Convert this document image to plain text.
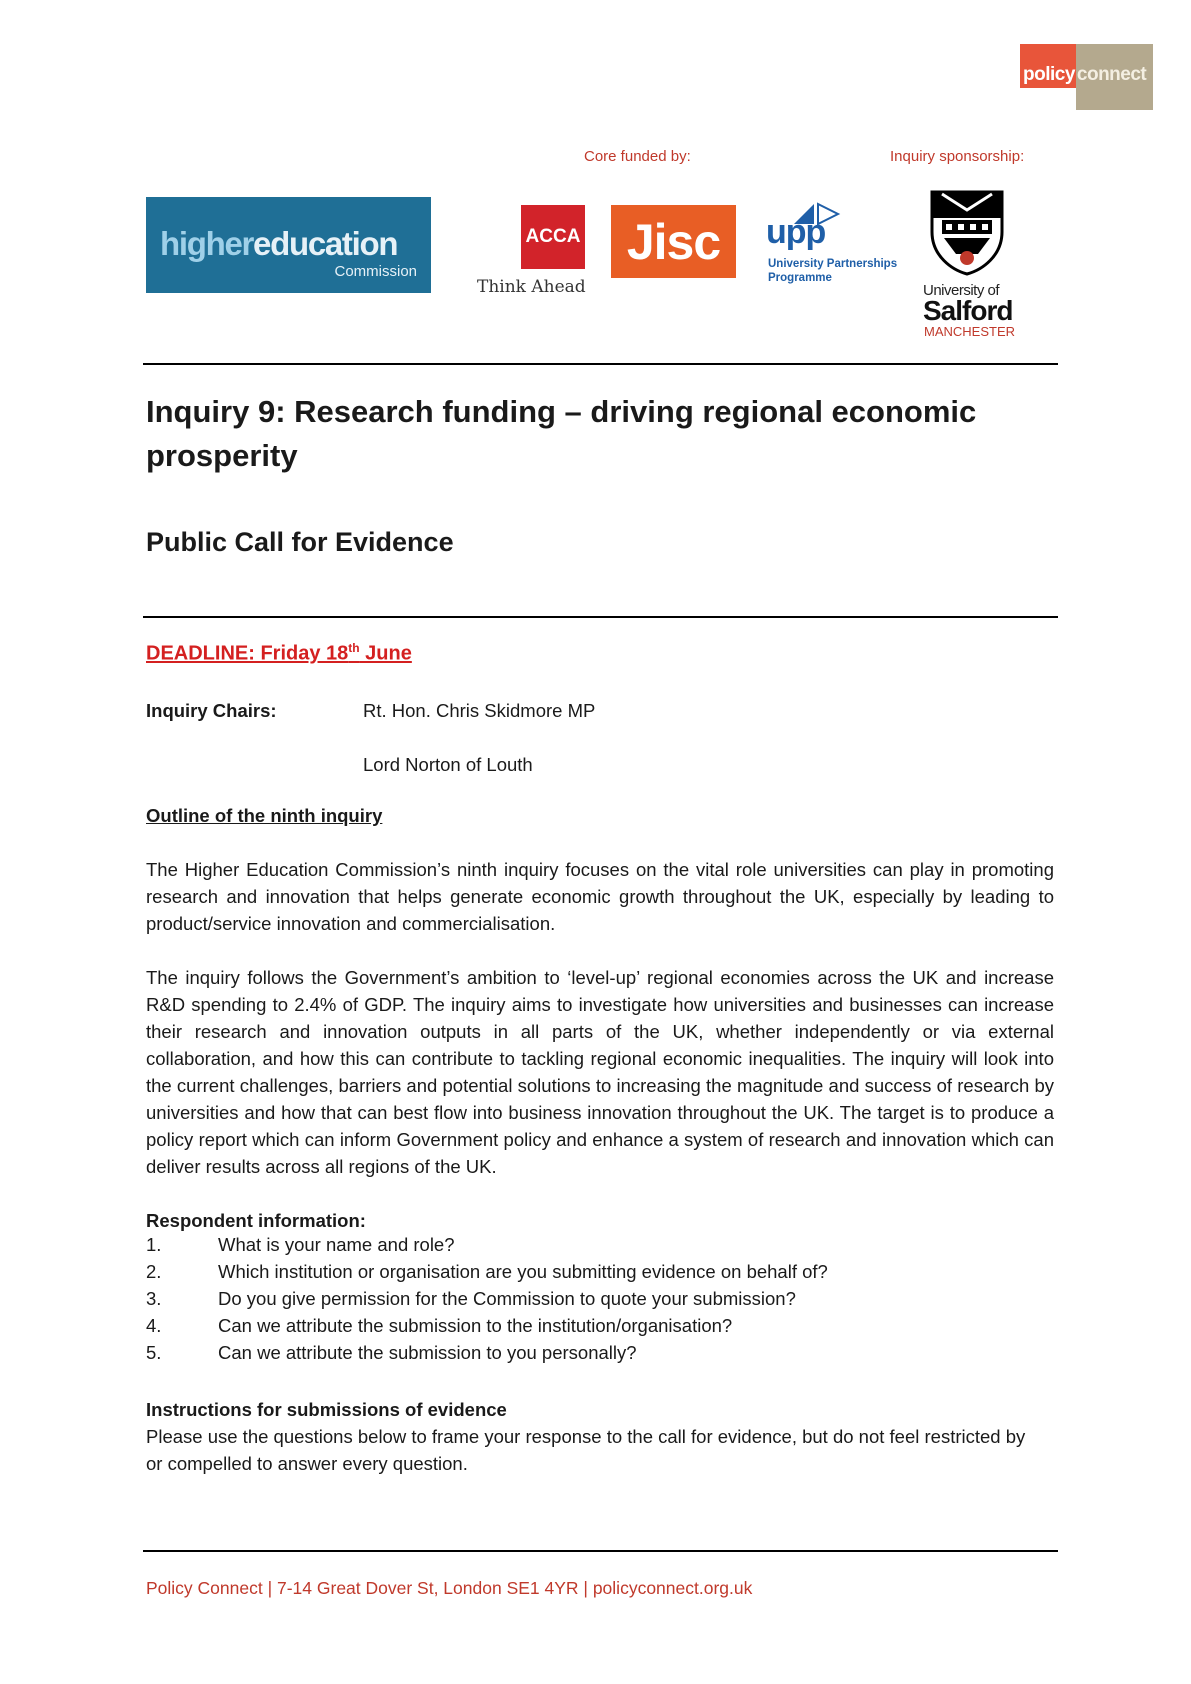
policy connect
Core funded by:	Inquiry sponsorship:
highereducation
Commission
ACCA
Think Ahead
Jisc	upp
University Partnerships
Programme
University of
Salford
MANCHESTER
Inquiry 9: Research funding – driving regional economic
prosperity
Public Call for Evidence
DEADLINE: Friday 18th June
Inquiry Chairs:	Rt. Hon. Chris Skidmore MP
Lord Norton of Louth
Outline of the ninth inquiry
The Higher Education Commission’s ninth inquiry focuses on the vital role universities can play in promoting research and innovation that helps generate economic growth throughout the UK, especially by leading to product/service innovation and commercialisation.
The inquiry follows the Government’s ambition to ‘level-up’ regional economies across the UK and increase R&D spending to 2.4% of GDP. The inquiry aims to investigate how universities and businesses can increase their research and innovation outputs in all parts of the UK, whether independently or via external collaboration, and how this can contribute to tackling regional economic inequalities. The inquiry will look into the current challenges, barriers and potential solutions to increasing the magnitude and success of research by universities and how that can best flow into business innovation throughout the UK. The target is to produce a policy report which can inform Government policy and enhance a system of research and innovation which can deliver results across all regions of the UK.
Respondent information:
1.	What is your name and role?
2.	Which institution or organisation are you submitting evidence on behalf of?
3.	Do you give permission for the Commission to quote your submission?
4.	Can we attribute the submission to the institution/organisation?
5.	Can we attribute the submission to you personally?
Instructions for submissions of evidence
Please use the questions below to frame your response to the call for evidence, but do not feel restricted by or compelled to answer every question.
Policy Connect | 7-14 Great Dover St, London SE1 4YR | policyconnect.org.uk
